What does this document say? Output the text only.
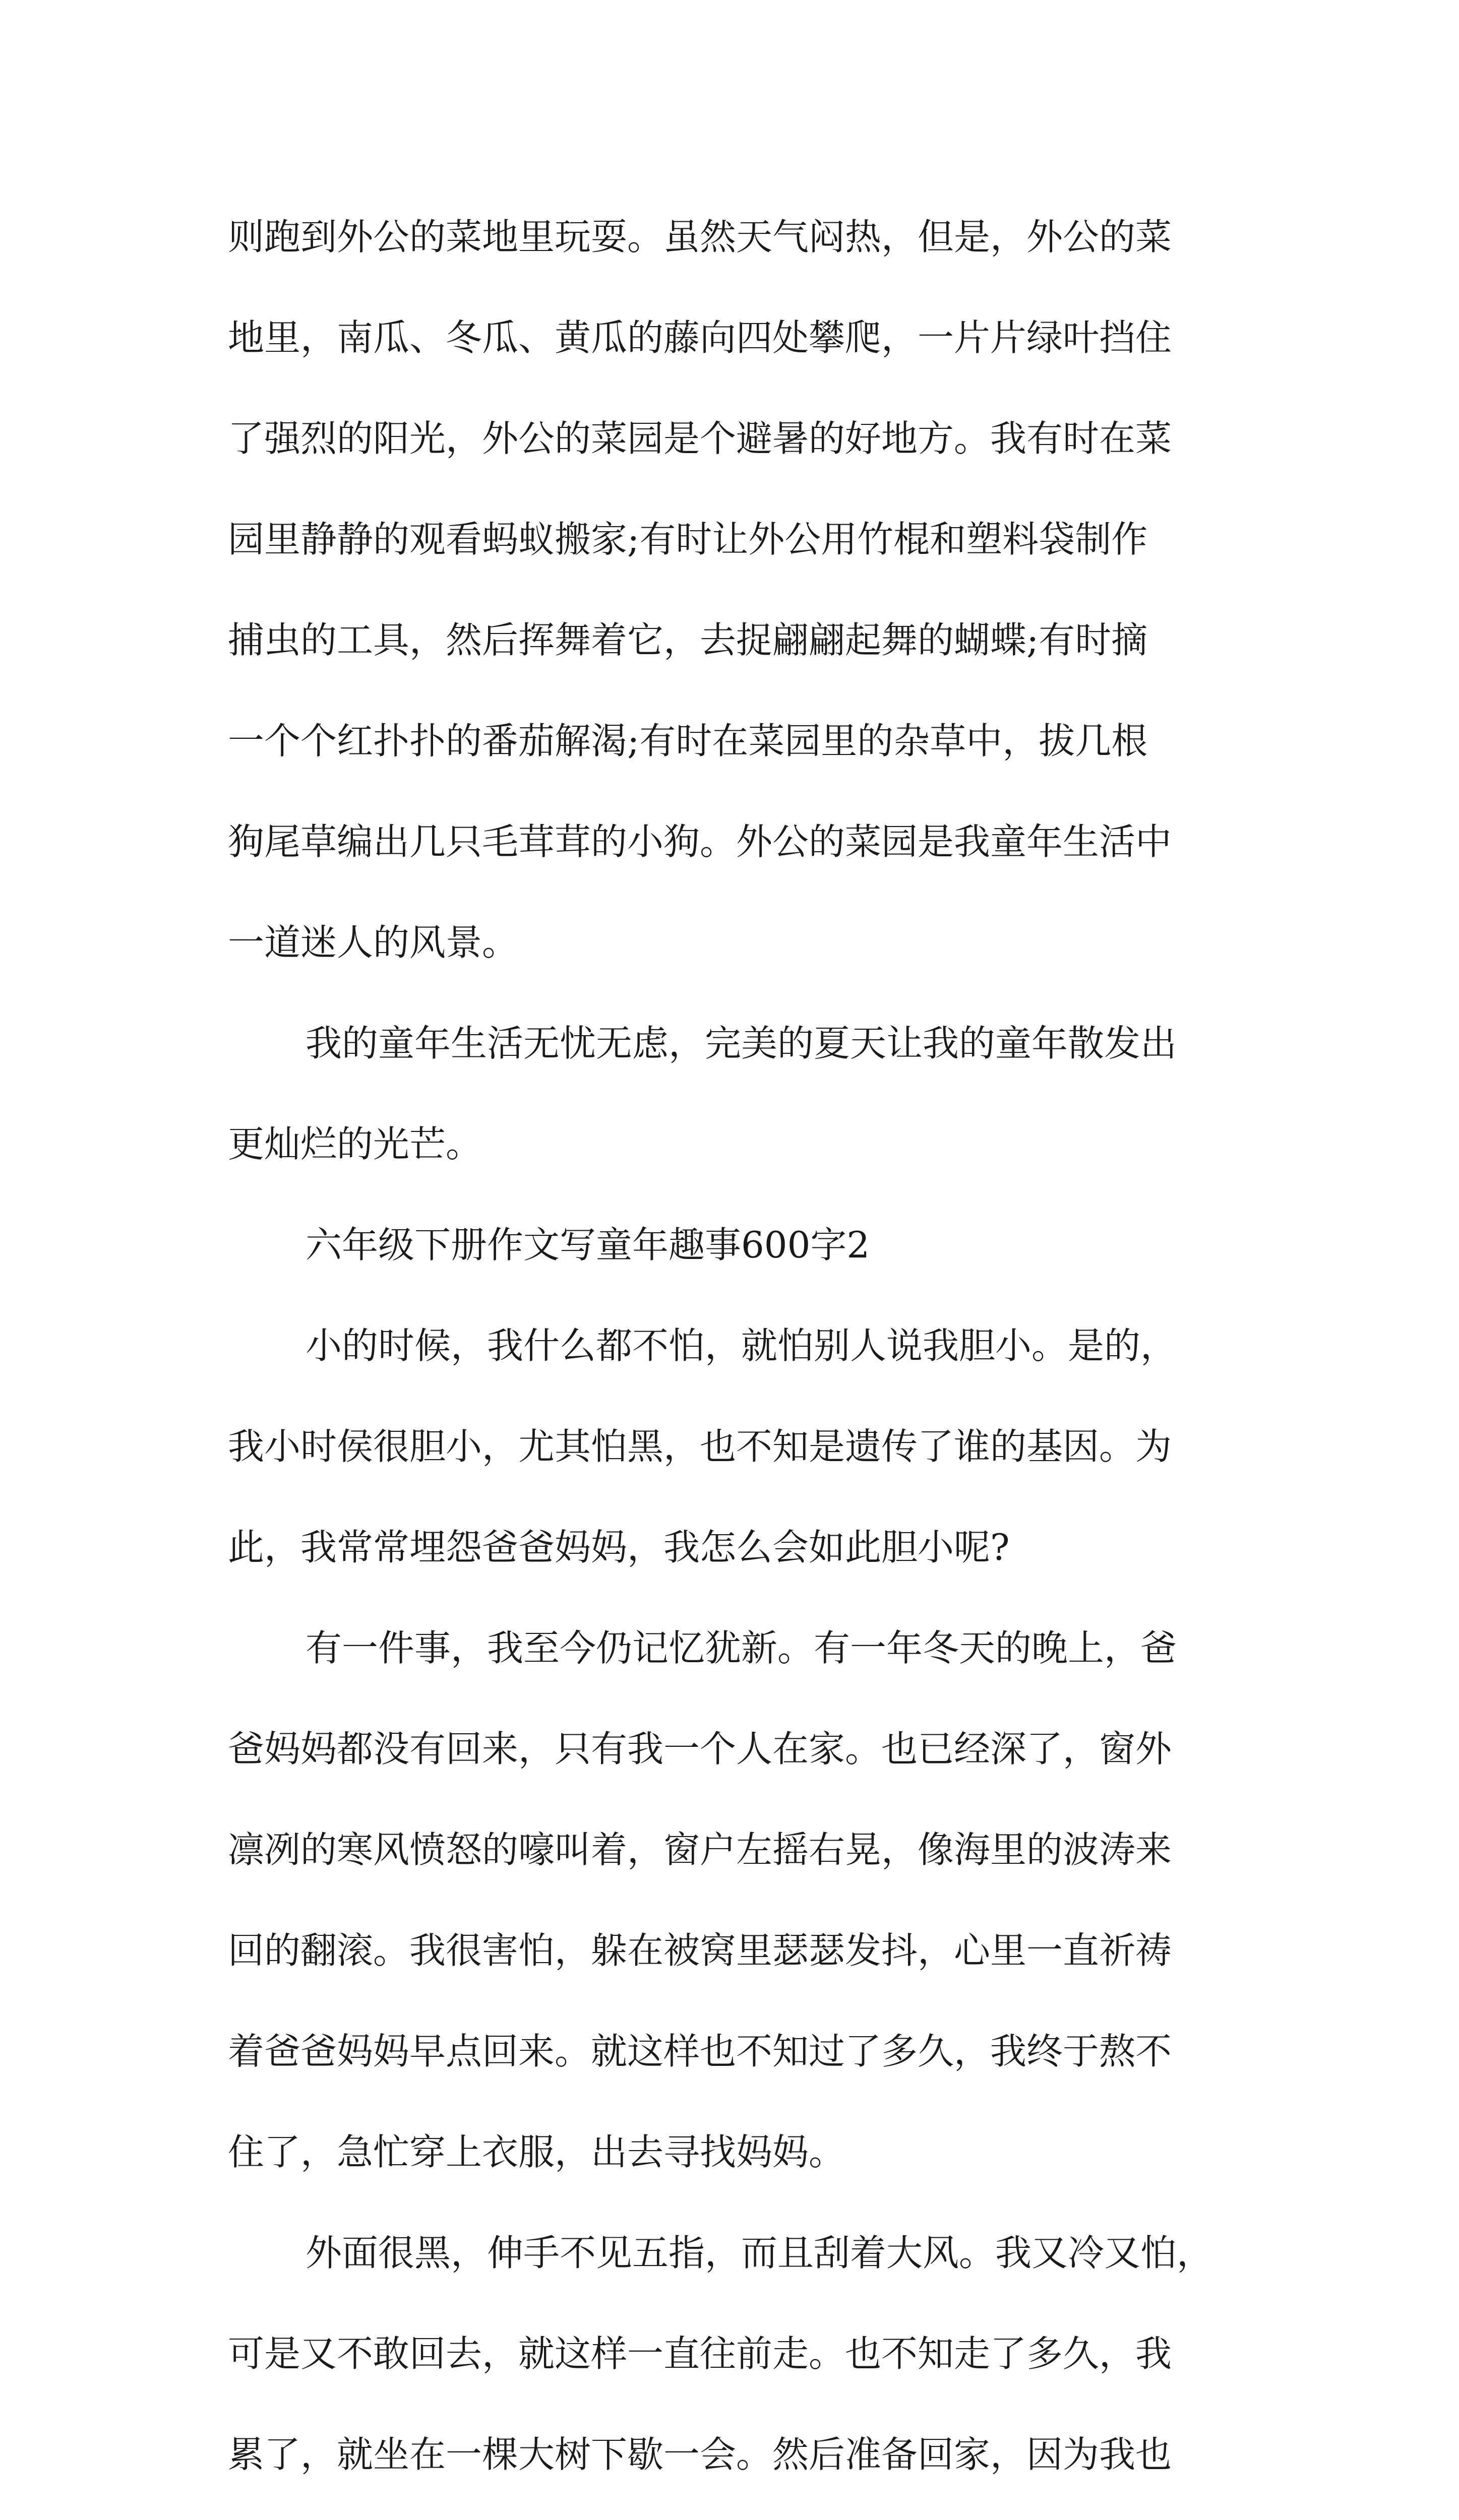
则跑到外公的菜地里玩耍。虽然天气闷热，但是，外公的菜
地里，南瓜、冬瓜、黄瓜的藤向四处攀爬，一片片绿叶挡住
了强烈的阳光，外公的菜园是个避暑的好地方。我有时在菜
园里静静的观看蚂蚁搬家;有时让外公用竹棍和塑料袋制作
捕虫的工具，然后挥舞着它，去捉翩翩起舞的蝴蝶;有时摘
一个个红扑扑的番茄解渴;有时在菜园里的杂草中，拔几根
狗尾草编出几只毛茸茸的小狗。外公的菜园是我童年生活中
一道迷人的风景。
我的童年生活无忧无虑，完美的夏天让我的童年散发出
更灿烂的光芒。
六年级下册作文写童年趣事600字2
小的时候，我什么都不怕，就怕别人说我胆小。是的，
我小时侯很胆小，尤其怕黑，也不知是遗传了谁的基因。为
此，我常常埋怨爸爸妈妈，我怎么会如此胆小呢?
有一件事，我至今仍记忆犹新。有一年冬天的晚上，爸
爸妈妈都没有回来，只有我一个人在家。也已经深了，窗外
凛冽的寒风愤怒的嚎叫着，窗户左摇右晃，像海里的波涛来
回的翻滚。我很害怕，躲在被窝里瑟瑟发抖，心里一直祈祷
着爸爸妈妈早点回来。就这样也不知过了多久，我终于熬不
住了，急忙穿上衣服，出去寻找妈妈。
外面很黑，伸手不见五指，而且刮着大风。我又冷又怕，
可是又不敢回去，就这样一直往前走。也不知走了多久，我
累了，就坐在一棵大树下歇一会。然后准备回家，因为我也
